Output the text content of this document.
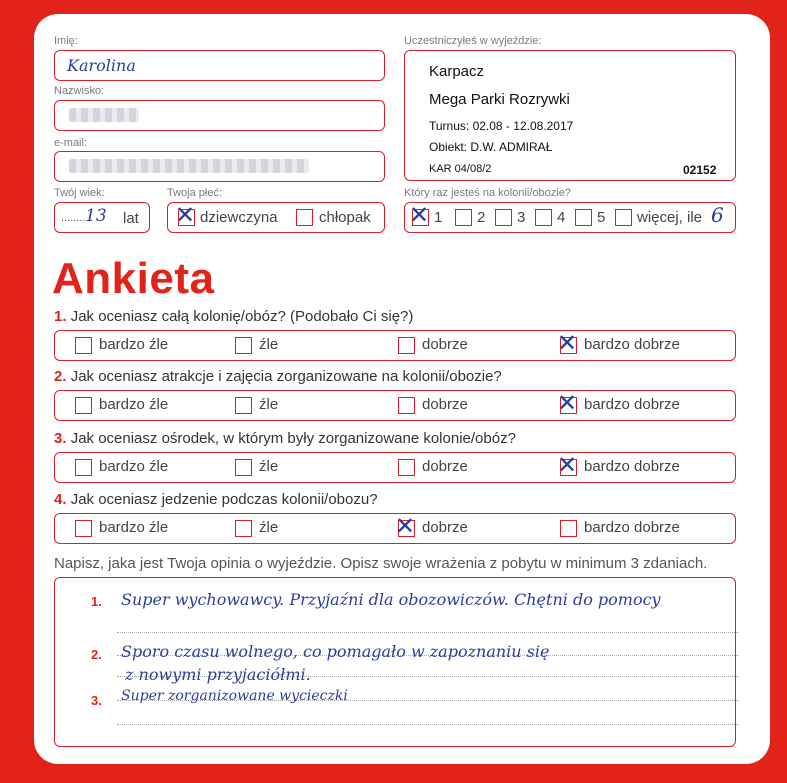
Imię:
Karolina
Nazwisko:
e-mail:
Twój wiek:
........ 13 lat
Twoja płeć:
✕ dziewczyna	chłopak
Uczestniczyłeś w wyjeździe:
Karpacz
Mega Parki Rozrywki
Turnus: 02.08 - 12.08.2017
Obiekt: D.W. ADMIRAŁ
KAR 04/08/2	02152
Który raz jesteś na kolonii/obozie?
✕ 1 2 3 4 5 więcej, ile 6
Ankieta
1. Jak oceniasz całą kolonię/obóz? (Podobało Ci się?)
bardzo źle	źle	dobrze	✕ bardzo dobrze
2. Jak oceniasz atrakcje i zajęcia zorganizowane na kolonii/obozie?
bardzo źle	źle	dobrze	✕ bardzo dobrze
3. Jak oceniasz ośrodek, w którym były zorganizowane kolonie/obóz?
bardzo źle	źle	dobrze	✕ bardzo dobrze
4. Jak oceniasz jedzenie podczas kolonii/obozu?
bardzo źle	źle	✕ dobrze	bardzo dobrze
Napisz, jaka jest Twoja opinia o wyjeździe. Opisz swoje wrażenia z pobytu w minimum 3 zdaniach.
1. Super wychowawcy. Przyjaźni dla obozowiczów. Chętni do pomocy
2. Sporo czasu wolnego, co pomagało w zapoznaniu się
z nowymi przyjaciółmi.
3. Super zorganizowane wycieczki
